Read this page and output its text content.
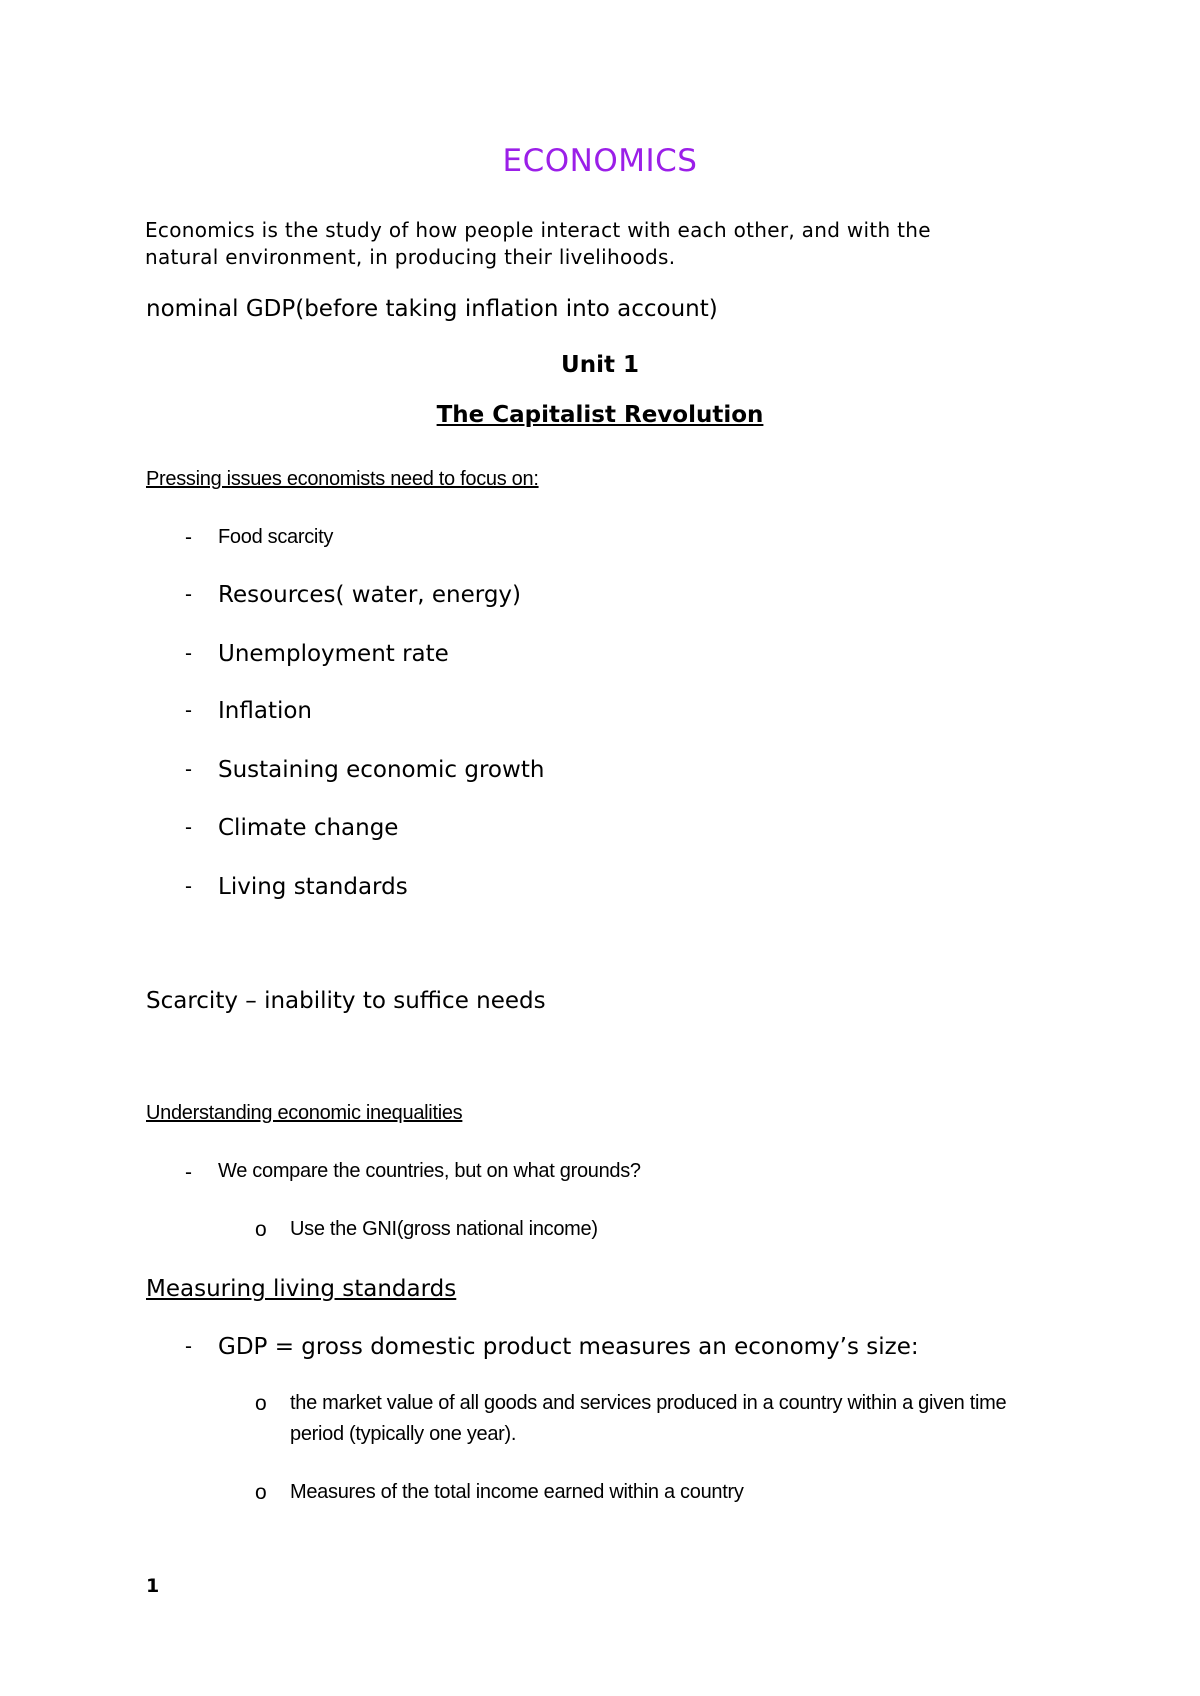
ECONOMICS
Economics is the study of how people interact with each other, and with the
natural environment, in producing their livelihoods.
nominal GDP(before taking inflation into account)
Unit 1
The Capitalist Revolution
Pressing issues economists need to focus on:
- Food scarcity
- Resources( water, energy)
- Unemployment rate
- Inflation
- Sustaining economic growth
- Climate change
- Living standards
Scarcity – inability to suffice needs
Understanding economic inequalities
- We compare the countries, but on what grounds?
o Use the GNI(gross national income)
Measuring living standards
- GDP = gross domestic product measures an economy’s size:
o the market value of all goods and services produced in a country within a given time period (typically one year).
o Measures of the total income earned within a country
1
